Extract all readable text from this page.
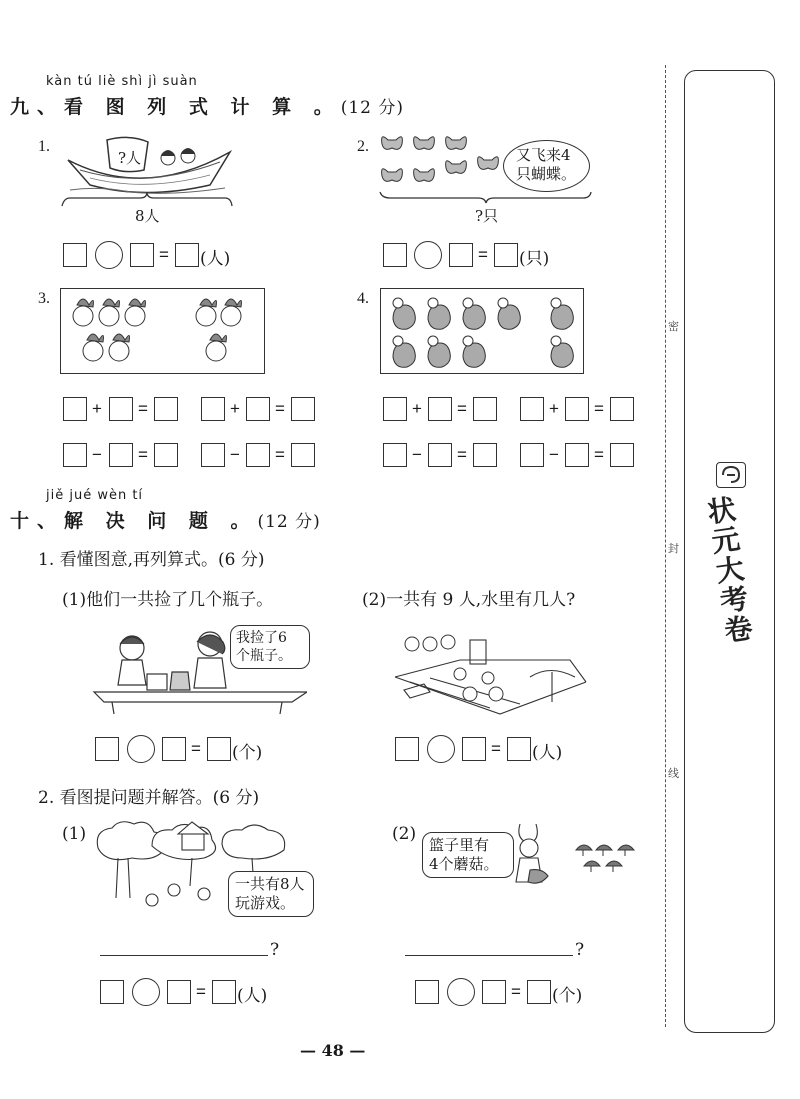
kàn tú liè shì jì suàn
九、看 图 列 式 计 算 。(12 分)
1.
?人
8人
= (人)
2.	又飞来4
只蝴蝶。
?只
= (只)
3.
+ =	+ =
− =	− =
4.
+ =	+ =
− =	− =
jiě jué wèn tí
十、解 决 问 题 。(12 分)
1. 看懂图意,再列算式。(6 分)
(1)他们一共捡了几个瓶子。	(2)一共有 9 人,水里有几人?
我捡了6
个瓶子。
= (个)	= (人)
2. 看图提问题并解答。(6 分)
(1)
一共有8人
玩游戏。
(2)
篮子里有
4个蘑菇。
?	?
= (人)	= (个)
— 48 —
密
封
线
状元大考卷
